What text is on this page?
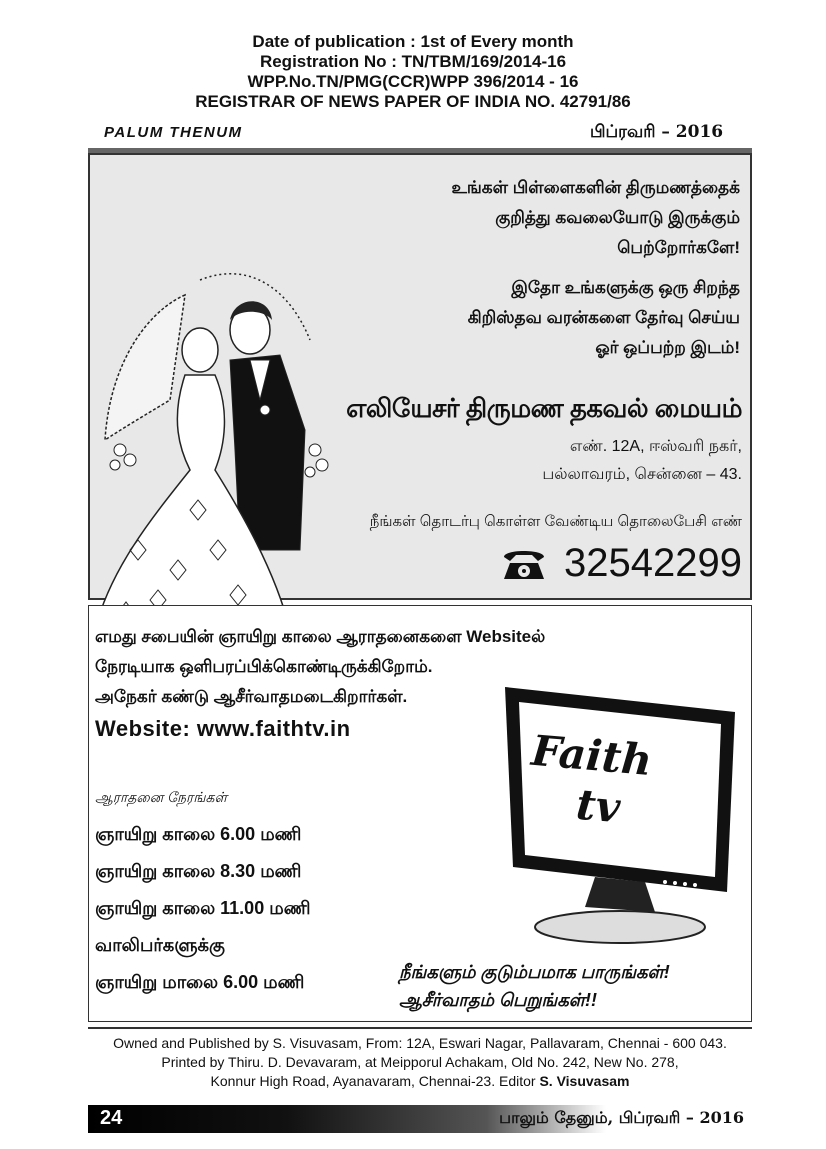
Date of publication : 1st of Every month
Registration No : TN/TBM/169/2014-16
WPP.No.TN/PMG(CCR)WPP 396/2014 - 16
REGISTRAR OF NEWS PAPER OF INDIA NO. 42791/86
PALUM THENUM	பிப்ரவரி – 2016
உங்கள் பிள்ளைகளின் திருமணத்தைக்
குறித்து கவலையோடு இருக்கும்
பெற்றோர்களே!
இதோ உங்களுக்கு ஒரு சிறந்த
கிறிஸ்தவ வரன்களை தேர்வு செய்ய
ஓர் ஒப்பற்ற இடம்!
எலியேசர் திருமண தகவல் மையம்
எண். 12A, ஈஸ்வரி நகர்,
பல்லாவரம், சென்னை – 43.
நீங்கள் தொடர்பு கொள்ள வேண்டிய தொலைபேசி எண்
32542299
எமது சபையின் ஞாயிறு காலை ஆராதனைகளை Websiteல்
நேரடியாக ஒளிபரப்பிக்கொண்டிருக்கிறோம்.
அநேகர் கண்டு ஆசீர்வாதமடைகிறார்கள்.
Website: www.faithtv.in
ஆராதனை நேரங்கள்
ஞாயிறு காலை 6.00 மணி
ஞாயிறு காலை 8.30 மணி
ஞாயிறு காலை 11.00 மணி
வாலிபர்களுக்கு
ஞாயிறு மாலை 6.00 மணி
Faith
tv
நீங்களும் குடும்பமாக பாருங்கள்!
ஆசீர்வாதம் பெறுங்கள்!!
Owned and Published by S. Visuvasam, From: 12A, Eswari Nagar, Pallavaram, Chennai - 600 043.
Printed by Thiru. D. Devavaram, at Meipporul Achakam, Old No. 242, New No. 278,
Konnur High Road, Ayanavaram, Chennai-23. Editor S. Visuvasam
24	பாலும் தேனும், பிப்ரவரி – 2016
